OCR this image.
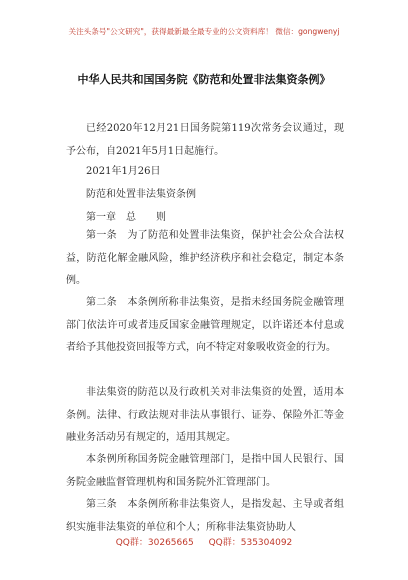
关注头条号"公文研究"，获得最新最全最专业的公文资料库！ 微信：gongwenyj
中华人民共和国国务院《防范和处置非法集资条例》

已经2020年12月21日国务院第119次常务会议通过，现予公布，自2021年5月1日起施行。

2021年1月26日
防范和处置非法集资条例
第一章　总　　则

第一条　为了防范和处置非法集资，保护社会公众合法权益，防范化解金融风险，维护经济秩序和社会稳定，制定本条例。

第二条　本条例所称非法集资，是指未经国务院金融管理部门依法许可或者违反国家金融管理规定，以许诺还本付息或者给予其他投资回报等方式，向不特定对象吸收资金的行为。

非法集资的防范以及行政机关对非法集资的处置，适用本条例。法律、行政法规对非法从事银行、证券、保险外汇等金融业务活动另有规定的，适用其规定。

本条例所称国务院金融管理部门，是指中国人民银行、国务院金融监督管理机构和国务院外汇管理部门。

第三条　本条例所称非法集资人，是指发起、主导或者组织实施非法集资的单位和个人；所称非法集资协助人

QQ群：30265665 QQ群：535304092
